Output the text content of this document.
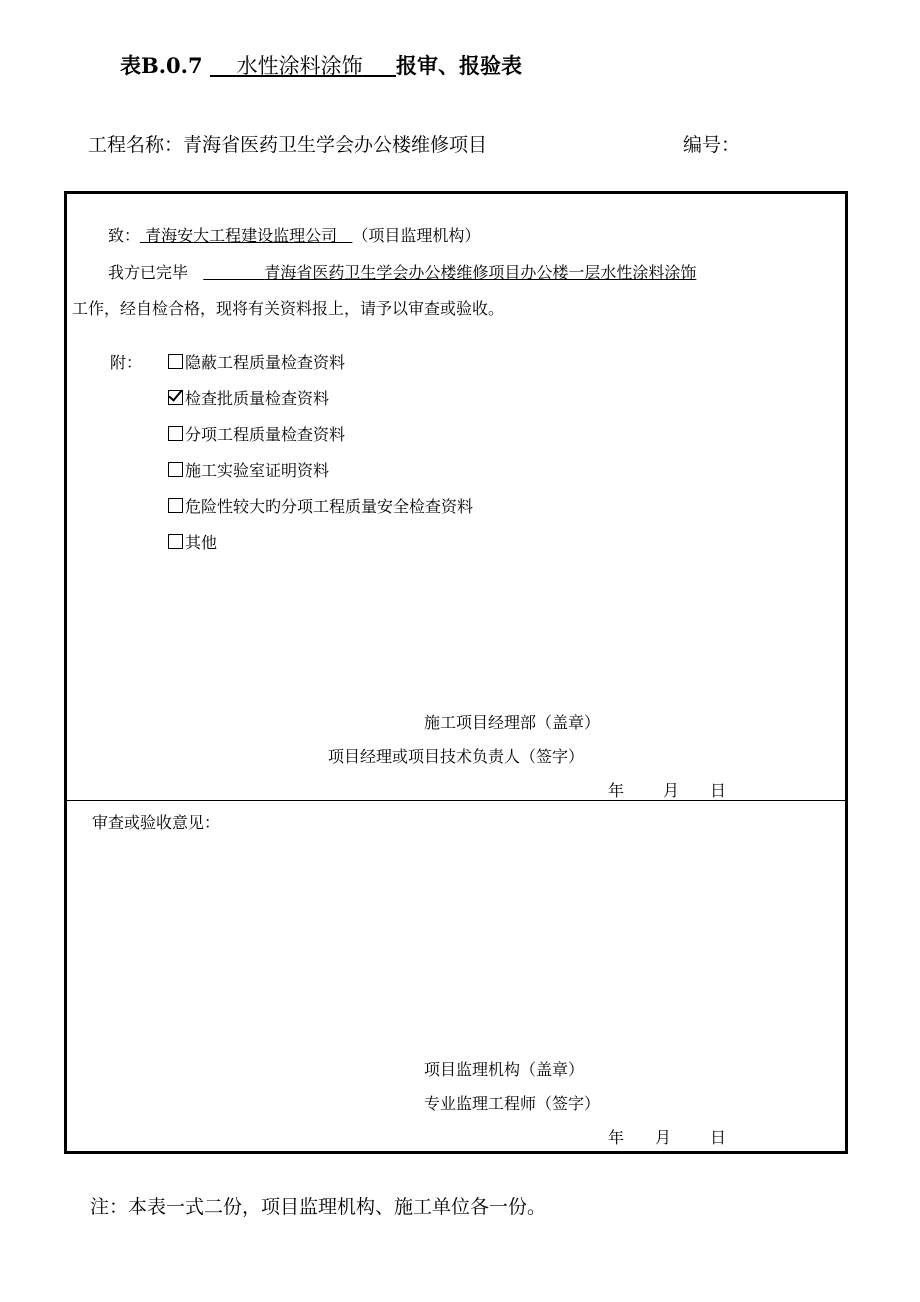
表B.0.7 水性涂料涂饰 报审、报验表
工程名称：青海省医药卫生学会办公楼维修项目	编号：
致： 青海安大工程建设监理公司 （项目监理机构）
我方已完毕	青海省医药卫生学会办公楼维修项目办公楼一层水性涂料涂饰
工作，经自检合格，现将有关资料报上，请予以审查或验收。
附：	隐蔽工程质量检查资料
检查批质量检查资料
分项工程质量检查资料
施工实验室证明资料
危险性较大旳分项工程质量安全检查资料
其他
施工项目经理部（盖章）
项目经理或项目技术负责人（签字）
年 月 日
审查或验收意见：
项目监理机构（盖章）
专业监理工程师（签字）
年 月 日
注：本表一式二份，项目监理机构、施工单位各一份。
